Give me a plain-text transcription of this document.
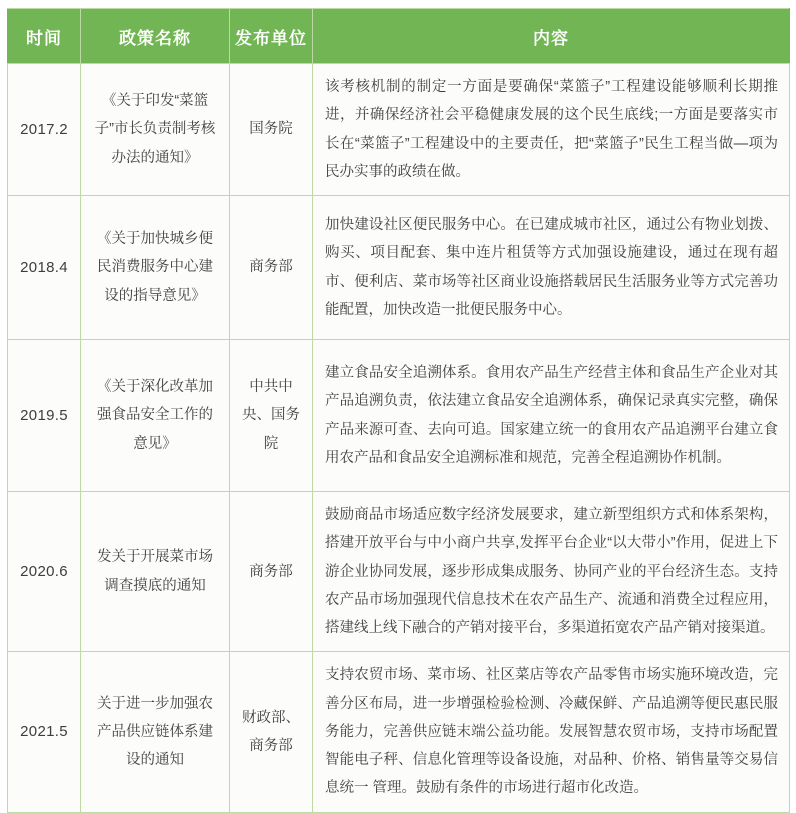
时间	政策名称	发布单位	内容
2017.2	《关于印发“菜篮子”市长负责制考核办法的通知》	国务院	该考核机制的制定一方面是要确保“菜篮子”工程建设能够顺利长期推进，并确保经济社会平稳健康发展的这个民生底线;一方面是要落实市长在“菜篮子”工程建设中的主要责任，把“菜篮子”民生工程当做—项为民办实事的政绩在做。
2018.4	《关于加快城乡便民消费服务中心建设的指导意见》	商务部	加快建设社区便民服务中心。在已建成城市社区，通过公有物业划拨、购买、项目配套、集中连片租赁等方式加强设施建设，通过在现有超市、便利店、菜市场等社区商业设施搭载居民生活服务业等方式完善功能配置，加快改造一批便民服务中心。
2019.5	《关于深化改革加强食品安全工作的意见》	中共中央、国务院	建立食品安全追溯体系。食用农产品生产经营主体和食品生产企业对其产品追溯负责，依法建立食品安全追溯体系，确保记录真实完整，确保产品来源可查、去向可追。国家建立统一的食用农产品追溯平台建立食用农产品和食品安全追溯标准和规范，完善全程追溯协作机制。
2020.6	发关于开展菜市场调查摸底的通知	商务部	鼓励商品市场适应数字经济发展要求，建立新型组织方式和体系架构，搭建开放平台与中小商户共享,发挥平台企业“以大带小”作用，促进上下游企业协同发展，逐步形成集成服务、协同产业的平台经济生态。支持农产品市场加强现代信息技术在农产品生产、流通和消费全过程应用，搭建线上线下融合的产销对接平台，多渠道拓宽农产品产销对接渠道。
2021.5	关于进一步加强农产品供应链体系建设的通知	财政部、商务部	支持农贸市场、菜市场、社区菜店等农产品零售市场实施环境改造，完善分区布局，进一步增强检验检测、冷藏保鲜、产品追溯等便民惠民服务能力，完善供应链末端公益功能。发展智慧农贸市场，支持市场配置智能电子秤、信息化管理等设备设施，对品种、价格、销售量等交易信息统一 管理。鼓励有条件的市场进行超市化改造。
